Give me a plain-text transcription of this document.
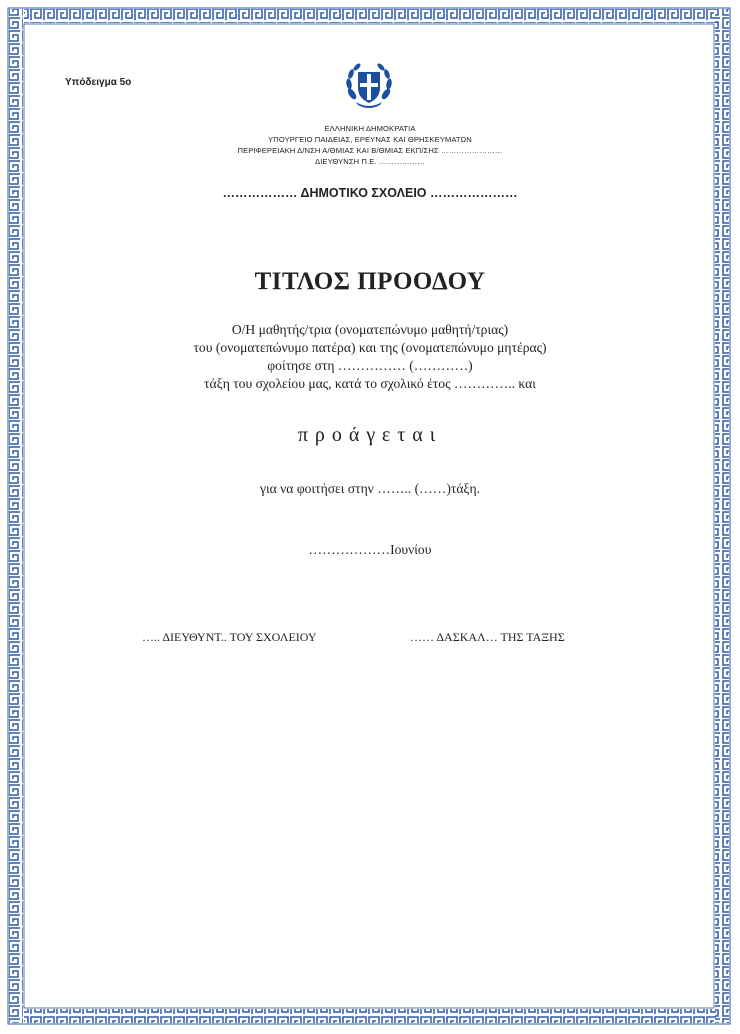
Υπόδειγμα 5ο
ΕΛΛΗΝΙΚΗ ΔΗΜΟΚΡΑΤΙΑ
ΥΠΟΥΡΓΕΙΟ ΠΑΙΔΕΙΑΣ, ΕΡΕΥΝΑΣ ΚΑΙ ΘΡΗΣΚΕΥΜΑΤΩΝ
ΠΕΡΙΦΕΡΕΙΑΚΗ Δ/ΝΣΗ Α/ΘΜΙΑΣ ΚΑΙ Β/ΘΜΙΑΣ ΕΚΠ/ΣΗΣ ……………………
ΔΙΕΥΘΥΝΣΗ Π.Ε. ………………
……………… ΔΗΜΟΤΙΚΟ ΣΧΟΛΕΙΟ …………………
ΤΙΤΛΟΣ ΠΡΟΟΔΟΥ
Ο/Η μαθητής/τρια (ονοματεπώνυμο μαθητή/τριας)
του (ονοματεπώνυμο πατέρα) και της (ονοματεπώνυμο μητέρας)
φοίτησε στη …………… (…………)
τάξη του σχολείου μας, κατά το σχολικό έτος ………….. και
προάγεται
για να φοιτήσει στην …….. (……)τάξη.
………………Ιουνίου
….. ΔΙΕΥΘΥΝΤ.. ΤΟΥ ΣΧΟΛΕΙΟΥ	…… ΔΑΣΚΑΛ… ΤΗΣ ΤΑΞΗΣ
